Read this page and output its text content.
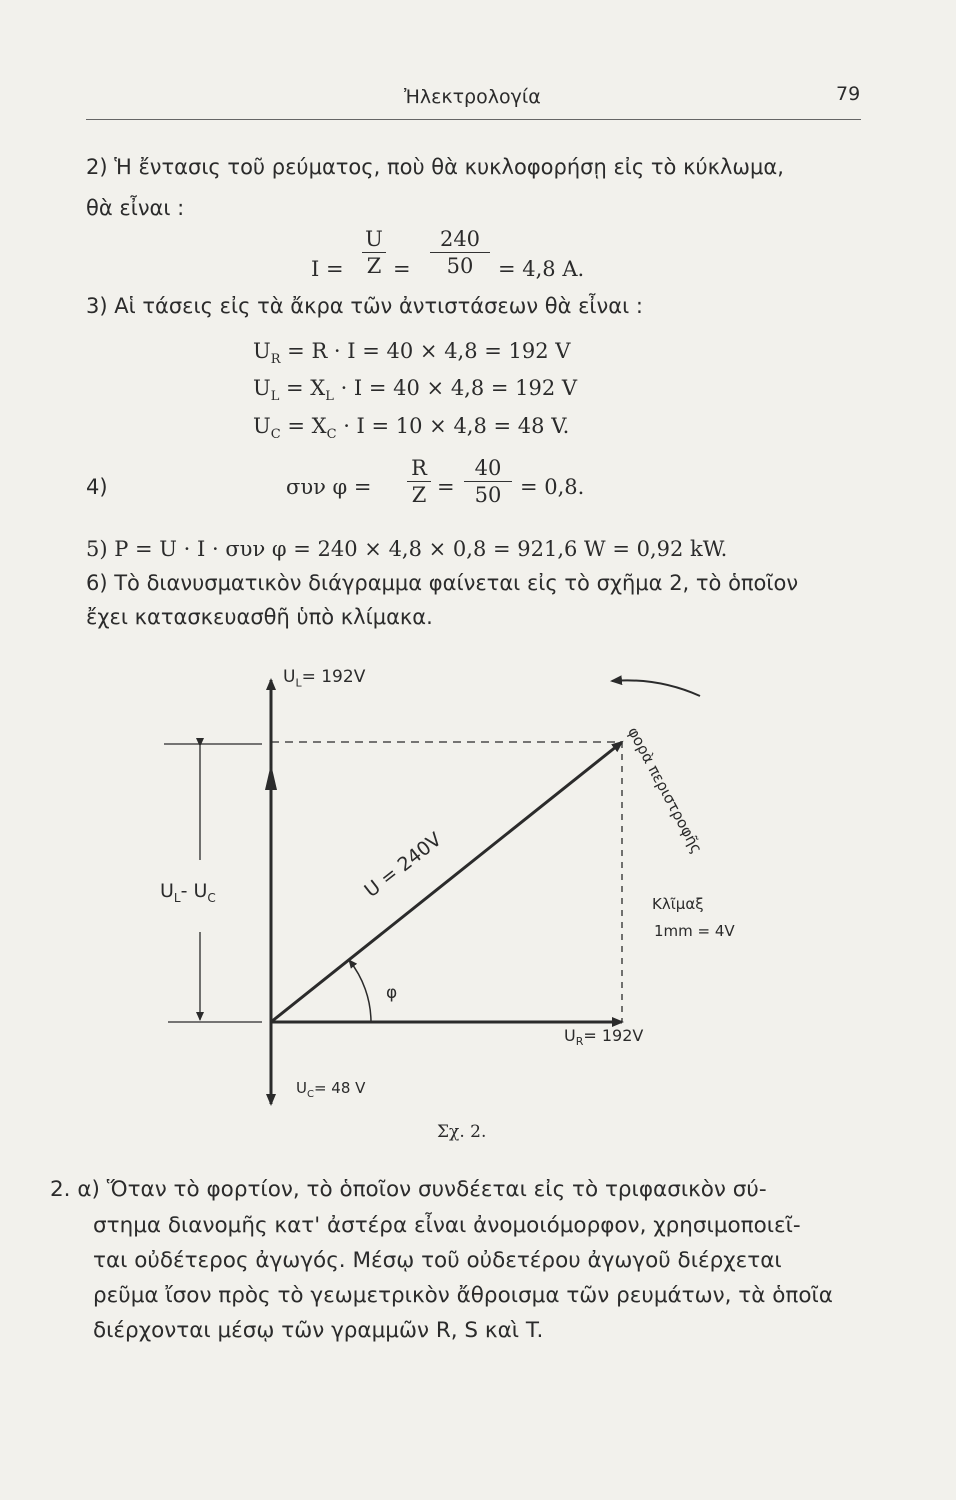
Ἠλεκτρολογία	79
2) Ἡ ἔντασις τοῦ ρεύματος, ποὺ θὰ κυκλοφορήσῃ εἰς τὸ κύκλωμα,
θὰ εἶναι :
I =
U
Z =
240
50	= 4,8 A.
3) Αἱ τάσεις εἰς τὰ ἄκρα τῶν ἀντιστάσεων θὰ εἶναι :
$U_R = R \cdot I = 40 \times 4,8 = 192$ V
$U_L = X_L \cdot I = 40 \times 4,8 = 192$ V
$U_C = X_C \cdot I = 10 \times 4,8 = 48$ V.
4)	συν φ =
R
Z =
40
50 = 0,8.
5) P = U · I · συν φ = 240 × 4,8 × 0,8 = 921,6 W = 0,92 kW.
6) Τὸ διανυσματικὸν διάγραμμα φαίνεται εἰς τὸ σχῆμα 2, τὸ ὁποῖον
ἔχει κατασκευασθῆ ὑπὸ κλίμακα.
$U_L= 192V$
$U_L-$ $U_C$	U = 240V
φ
$U_R= 192V$
$U_C= 48$ V
Κλῖμαξ
1mm = 4V
φορὰ περιστροφῆς
Σχ. 2.
2. α) Ὅταν τὸ φορτίον, τὸ ὁποῖον συνδέεται εἰς τὸ τριφασικὸν σύ-
στημα διανομῆς κατ' ἀστέρα εἶναι ἀνομοιόμορφον, χρησιμοποιεῖ-
ται οὐδέτερος ἀγωγός. Μέσῳ τοῦ οὐδετέρου ἀγωγοῦ διέρχεται
ρεῦμα ἴσον πρὸς τὸ γεωμετρικὸν ἄθροισμα τῶν ρευμάτων, τὰ ὁποῖα
διέρχονται μέσῳ τῶν γραμμῶν R, S καὶ T.
